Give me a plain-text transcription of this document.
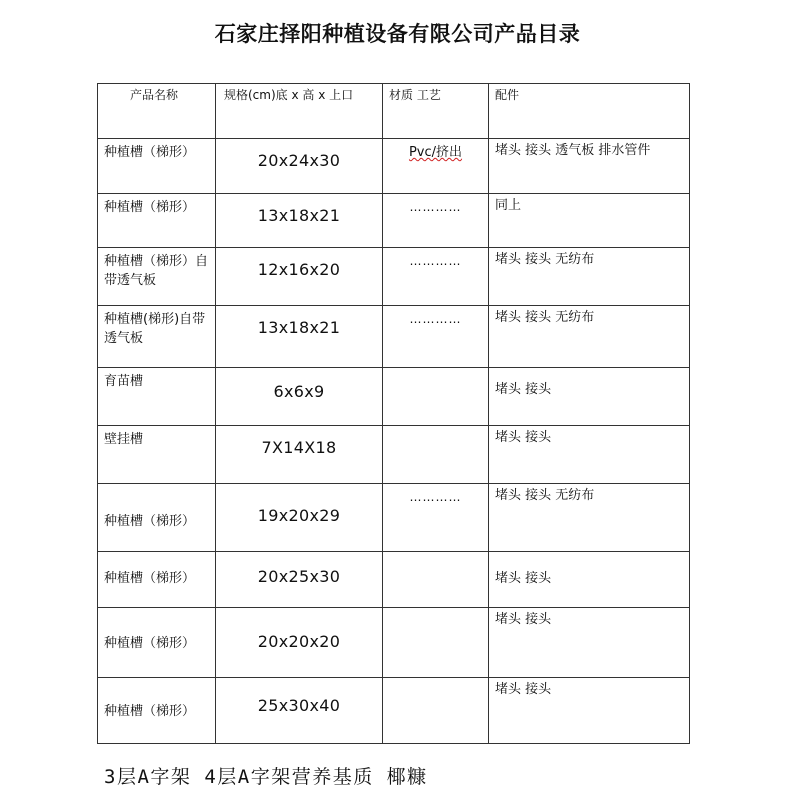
石家庄择阳种植设备有限公司产品目录
产品名称	规格(cm)底 x 高 x 上口	材质 工艺	配件

种植槽（梯形）	20x24x30	Pvc/挤出	堵头 接头 透气板 排水管件
种植槽（梯形）	13x18x21	…………	同上
种植槽（梯形）自带透气板	12x16x20	…………	堵头 接头 无纺布
种植槽(梯形)自带透气板	13x18x21	…………	堵头 接头 无纺布
育苗槽	6x6x9		堵头 接头
壁挂槽	7X14X18		堵头 接头
种植槽（梯形）	19x20x29	…………	堵头 接头 无纺布
种植槽（梯形）	20x25x30		堵头 接头
种植槽（梯形）	20x20x20		堵头 接头
种植槽（梯形）	25x30x40		堵头 接头
3层A字架 4层A字架营养基质 椰糠
